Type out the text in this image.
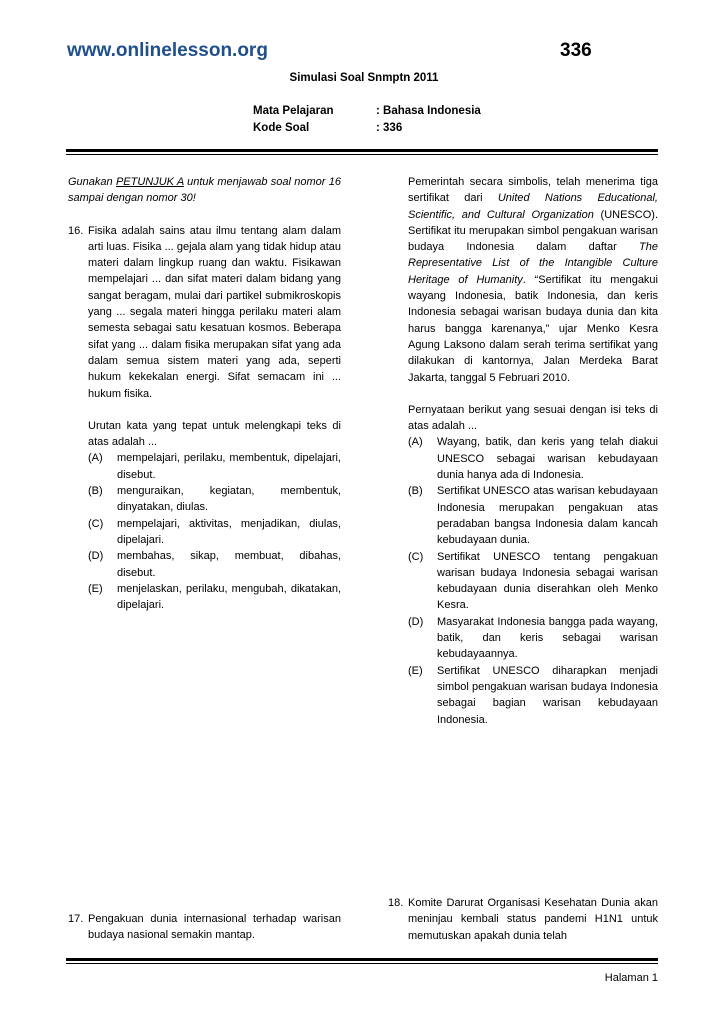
www.onlinelesson.org	336
Simulasi Soal Snmptn 2011
Mata Pelajaran	: Bahasa Indonesia
Kode Soal	: 336

Gunakan PETUNJUK A untuk menjawab soal nomor 16 sampai dengan nomor 30!

16. Fisika adalah sains atau ilmu tentang alam dalam arti luas. Fisika ... gejala alam yang tidak hidup atau materi dalam lingkup ruang dan waktu. Fisikawan mempelajari ... dan sifat materi dalam bidang yang sangat beragam, mulai dari partikel submikroskopis yang ... segala materi hingga perilaku materi alam semesta sebagai satu kesatuan kosmos. Beberapa sifat yang ... dalam fisika merupakan sifat yang ada dalam semua sistem materi yang ada, seperti hukum kekekalan energi. Sifat semacam ini ... hukum fisika.

Urutan kata yang tepat untuk melengkapi teks di atas adalah ...

(A)	mempelajari, perilaku, membentuk, dipelajari, disebut.
(B)	menguraikan, kegiatan, membentuk, dinyatakan, diulas.
(C)	mempelajari, aktivitas, menjadikan, diulas, dipelajari.
(D)	membahas, sikap, membuat, dibahas, disebut.
(E)	menjelaskan, perilaku, mengubah, dikatakan, dipelajari.
17. Pengakuan dunia internasional terhadap warisan budaya nasional semakin mantap.

Pemerintah secara simbolis, telah menerima tiga sertifikat dari United Nations Educational, Scientific, and Cultural Organization (UNESCO). Sertifikat itu merupakan simbol pengakuan warisan budaya Indonesia dalam daftar The Representative List of the Intangible Culture Heritage of Humanity. “Sertifikat itu mengakui wayang Indonesia, batik Indonesia, dan keris Indonesia sebagai warisan budaya dunia dan kita harus bangga karenanya,” ujar Menko Kesra Agung Laksono dalam serah terima sertifikat yang dilakukan di kantornya, Jalan Merdeka Barat Jakarta, tanggal 5 Februari 2010.

Pernyataan berikut yang sesuai dengan isi teks di atas adalah ...

(A)	Wayang, batik, dan keris yang telah diakui UNESCO sebagai warisan kebudayaan dunia hanya ada di Indonesia.
(B)	Sertifikat UNESCO atas warisan kebudayaan Indonesia merupakan pengakuan atas peradaban bangsa Indonesia dalam kancah kebudayaan dunia.
(C)	Sertifikat UNESCO tentang pengakuan warisan budaya Indonesia sebagai warisan kebudayaan dunia diserahkan oleh Menko Kesra.
(D)	Masyarakat Indonesia bangga pada wayang, batik, dan keris sebagai warisan kebudayaannya.
(E)	Sertifikat UNESCO diharapkan menjadi simbol pengakuan warisan budaya Indonesia sebagai bagian warisan kebudayaan Indonesia.
18. Komite Darurat Organisasi Kesehatan Dunia akan meninjau kembali status pandemi H1N1 untuk memutuskan apakah dunia telah
Halaman 1
